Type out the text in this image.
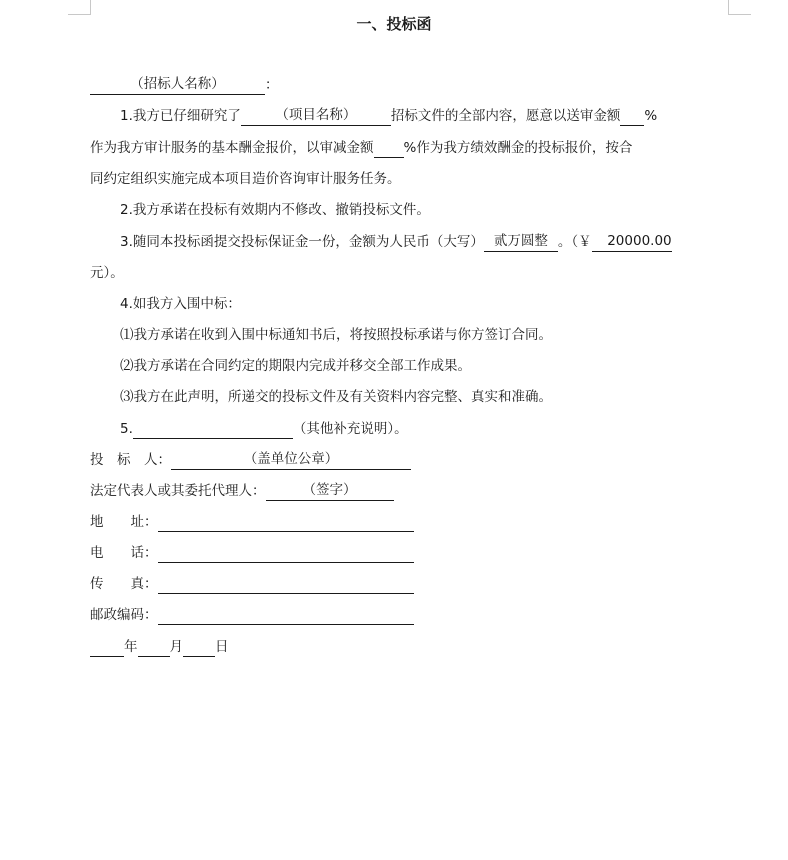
一、投标函
（招标人名称）	：
1.我方已仔细研究了	（项目名称）	招标文件的全部内容，愿意以送审金额 %
作为我方审计服务的基本酬金报价，以审减金额 %作为我方绩效酬金的投标报价，按合
同约定组织实施完成本项目造价咨询审计服务任务。
2.我方承诺在投标有效期内不修改、撤销投标文件。
3.随同本投标函提交投标保证金一份，金额为人民币（大写） 贰万圆整 。（￥ 20000.00
元）。
4.如我方入围中标：
⑴我方承诺在收到入围中标通知书后，将按照投标承诺与你方签订合同。
⑵我方承诺在合同约定的期限内完成并移交全部工作成果。
⑶我方在此声明，所递交的投标文件及有关资料内容完整、真实和准确。
5.	（其他补充说明）。
投　标　人：	（盖单位公章）
法定代表人或其委托代理人：	（签字）
地　　址：
电　　话：
传　　真：
邮政编码：
年 月 日
